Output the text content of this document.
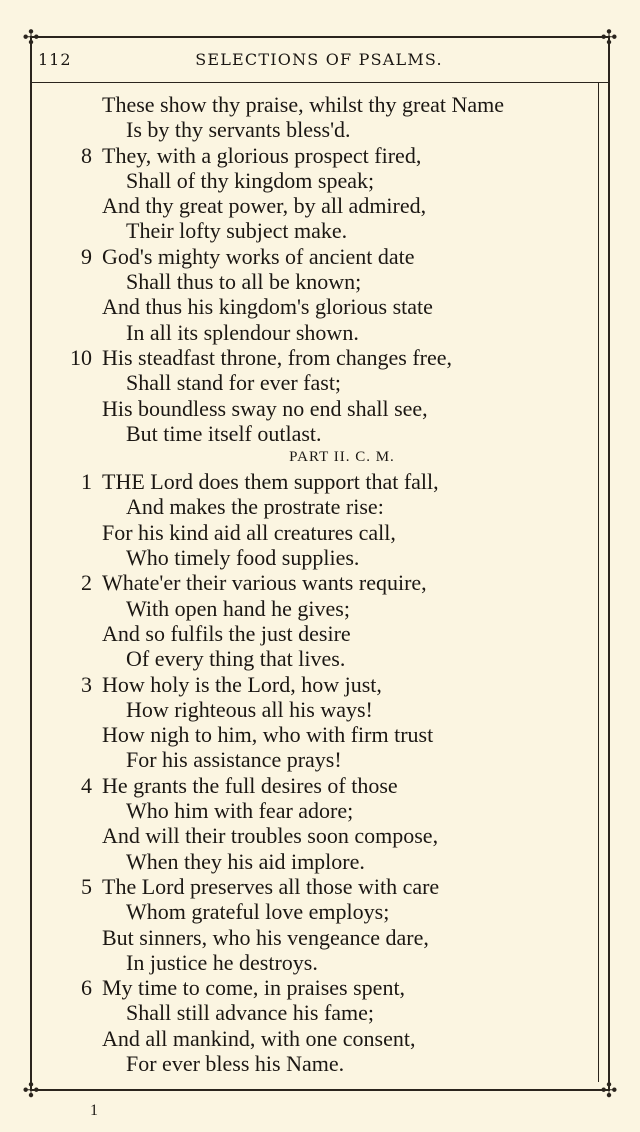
✣	✣
✣	✣
112	SELECTIONS OF PSALMS.
These show thy praise, whilst thy great Name
Is by thy servants bless'd.
8 They, with a glorious prospect fired,
Shall of thy kingdom speak;
And thy great power, by all admired,
Their lofty subject make.
9 God's mighty works of ancient date
Shall thus to all be known;
And thus his kingdom's glorious state
In all its splendour shown.
10 His steadfast throne, from changes free,
Shall stand for ever fast;
His boundless sway no end shall see,
But time itself outlast.
PART II. C. M.
1 THE Lord does them support that fall,
And makes the prostrate rise:
For his kind aid all creatures call,
Who timely food supplies.
2 Whate'er their various wants require,
With open hand he gives;
And so fulfils the just desire
Of every thing that lives.
3 How holy is the Lord, how just,
How righteous all his ways!
How nigh to him, who with firm trust
For his assistance prays!
4 He grants the full desires of those
Who him with fear adore;
And will their troubles soon compose,
When they his aid implore.
5 The Lord preserves all those with care
Whom grateful love employs;
But sinners, who his vengeance dare,
In justice he destroys.
6 My time to come, in praises spent,
Shall still advance his fame;
And all mankind, with one consent,
For ever bless his Name.
1
